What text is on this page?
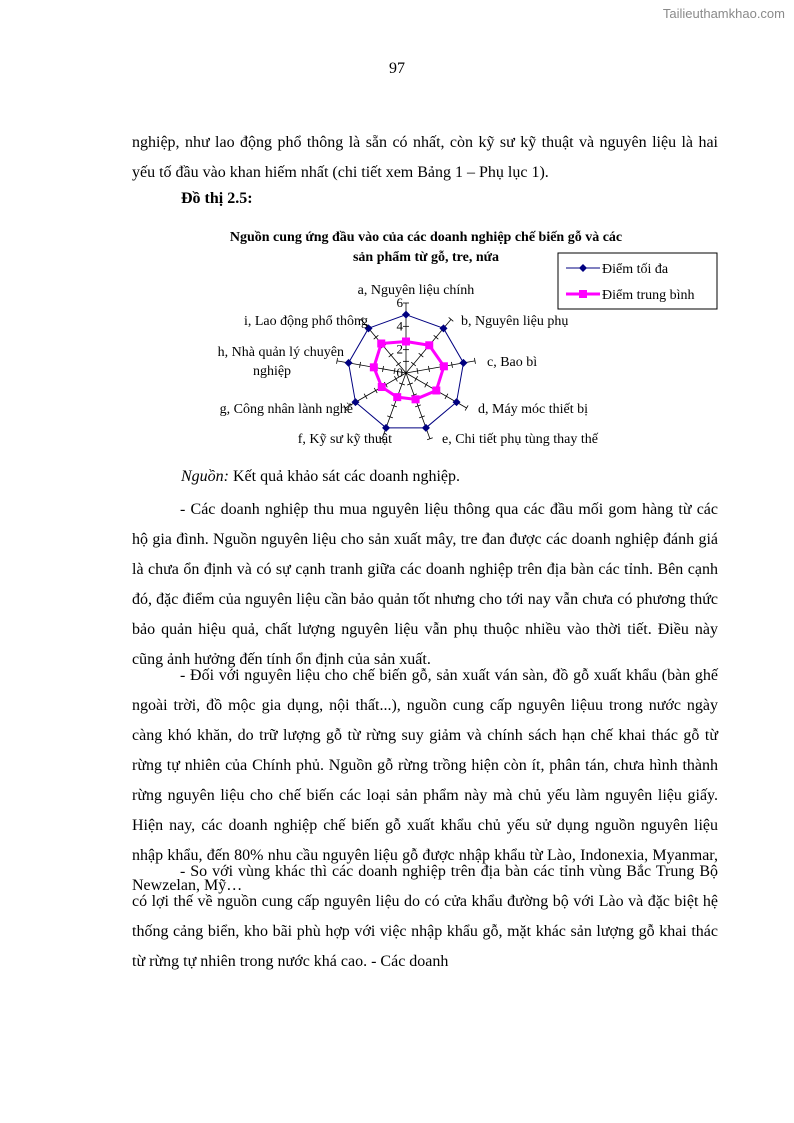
Tailieuthamkhao.com
97

nghiệp, như lao động phổ thông là sẵn có nhất, còn kỹ sư kỹ thuật và nguyên liệu là hai yếu tố đầu vào khan hiếm nhất (chi tiết xem Bảng 1 – Phụ lục 1).

Đồ thị 2.5:
Nguồn cung ứng đầu vào của các doanh nghiệp chế biến gỗ và các
sản phẩm từ gỗ, tre, nứa
0
2
4
6
a, Nguyên liệu chính
b, Nguyên liệu phụ
c, Bao bì
d, Máy móc thiết bị
e, Chi tiết phụ tùng thay thế
f, Kỹ sư kỹ thuật
g, Công nhân lành nghề
h, Nhà quản lý chuyên
nghiệp
i, Lao động phổ thông
Điểm tối đa
Điểm trung bình
Nguồn: Kết quả khảo sát các doanh nghiệp.

- Các doanh nghiệp thu mua nguyên liệu thông qua các đầu mối gom hàng từ các hộ gia đình. Nguồn nguyên liệu cho sản xuất mây, tre đan được các doanh nghiệp đánh giá là chưa ổn định và có sự cạnh tranh giữa các doanh nghiệp trên địa bàn các tỉnh. Bên cạnh đó, đặc điểm của nguyên liệu cần bảo quản tốt nhưng cho tới nay vẫn chưa có phương thức bảo quản hiệu quả, chất lượng nguyên liệu vẫn phụ thuộc nhiều vào thời tiết. Điều này cũng ảnh hưởng đến tính ổn định của sản xuất.

- Đối với nguyên liệu cho chế biến gỗ, sản xuất ván sàn, đồ gỗ xuất khẩu (bàn ghế ngoài trời, đồ mộc gia dụng, nội thất...), nguồn cung cấp nguyên liệuu trong nước ngày càng khó khăn, do trữ lượng gỗ từ rừng suy giảm và chính sách hạn chế khai thác gỗ từ rừng tự nhiên của Chính phủ. Nguồn gỗ rừng trồng hiện còn ít, phân tán, chưa hình thành rừng nguyên liệu cho chế biến các loại sản phẩm này mà chủ yếu làm nguyên liệu giấy. Hiện nay, các doanh nghiệp chế biến gỗ xuất khẩu chủ yếu sử dụng nguồn nguyên liệu nhập khẩu, đến 80% nhu cầu nguyên liệu gỗ được nhập khẩu từ Lào, Indonexia, Myanmar, Newzelan, Mỹ…

- So với vùng khác thì các doanh nghiệp trên địa bàn các tỉnh vùng Bắc Trung Bộ có lợi thế về nguồn cung cấp nguyên liệu do có cửa khẩu đường bộ với Lào và đặc biệt hệ thống cảng biển, kho bãi phù hợp với việc nhập khẩu gỗ, mặt khác sản lượng gỗ khai thác từ rừng tự nhiên trong nước khá cao. - Các doanh
